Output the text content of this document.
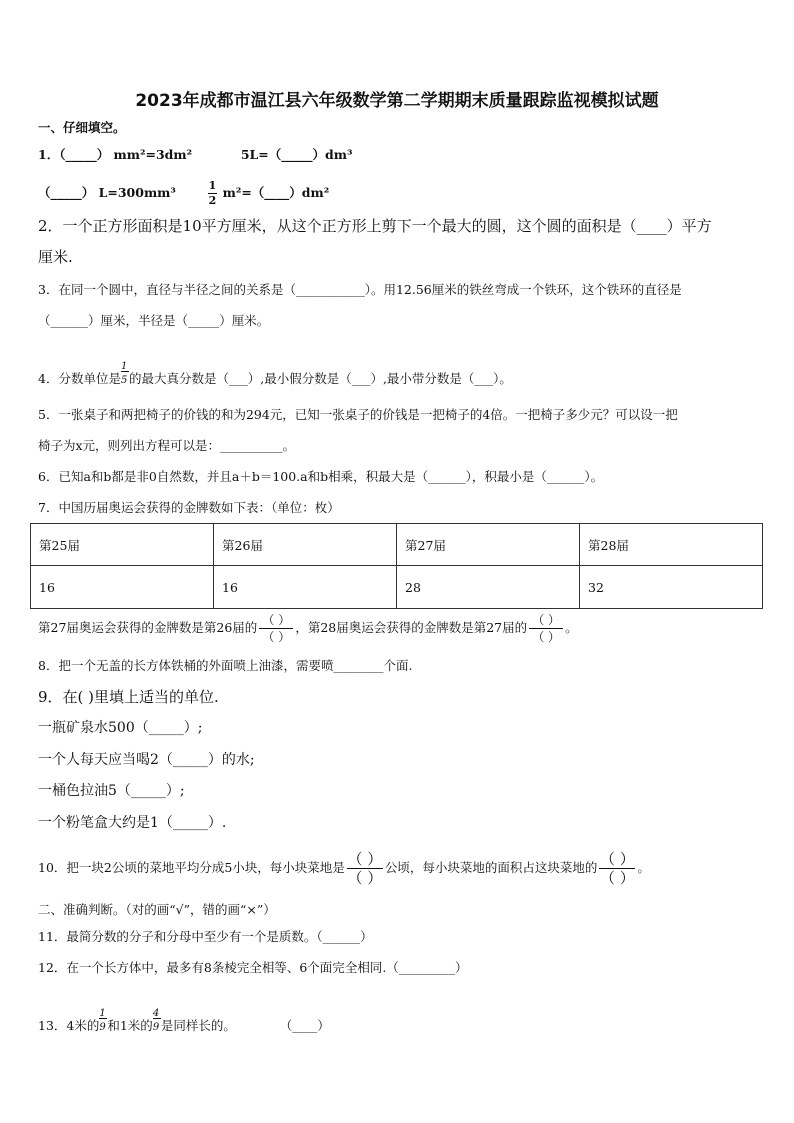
2023年成都市温江县六年级数学第二学期期末质量跟踪监视模拟试题
一、仔细填空。
1．（_____） mm²=3dm²	5L=（_____）dm³
（_____） L=300mm³	$\frac{1}{2}$ m²=（____）dm²
2．一个正方形面积是10平方厘米，从这个正方形上剪下一个最大的圆，这个圆的面积是（____）平方
厘米.
3．在同一个圆中，直径与半径之间的关系是（___________）。用12.56厘米的铁丝弯成一个铁环，这个铁环的直径是
（______）厘米，半径是（_____）厘米。
4．分数单位是
$\frac{1}{5}$
的最大真分数是（___）,最小假分数是（___）,最小带分数是（___）。
5．一张桌子和两把椅子的价钱的和为294元，已知一张桌子的价钱是一把椅子的4倍。一把椅子多少元？可以设一把
椅子为x元，则列出方程可以是：__________。
6．已知a和b都是非0自然数，并且a＋b＝100.a和b相乘，积最大是（______），积最小是（______）。
7．中国历届奥运会获得的金牌数如下表：（单位：枚）
第25届	第26届	第27届	第28届
16	16	28	32
第27届奥运会获得的金牌数是第26届的 （ ）
（ ）
，第28届奥运会获得的金牌数是第27届的 （ ）
（ ）
。
8．把一个无盖的长方体铁桶的外面喷上油漆，需要喷________个面.
9．在( )里填上适当的单位.
一瓶矿泉水500（_____）;
一个人每天应当喝2（_____）的水;
一桶色拉油5（_____）;
一个粉笔盒大约是1（_____）.
10．把一块2公顷的菜地平均分成5小块，每小块菜地是 （ ）
（ ）
公顷，每小块菜地的面积占这块菜地的 （ ）
（ ）
。
二、准确判断。（对的画“√”，错的画“×”）
11．最简分数的分子和分母中至少有一个是质数。（______）
12．在一个长方体中，最多有8条棱完全相等、6个面完全相同.（_________）
13．4米的
$\frac{1}{9}$
和1米的
$\frac{4}{9}$
是同样长的。	（____）
